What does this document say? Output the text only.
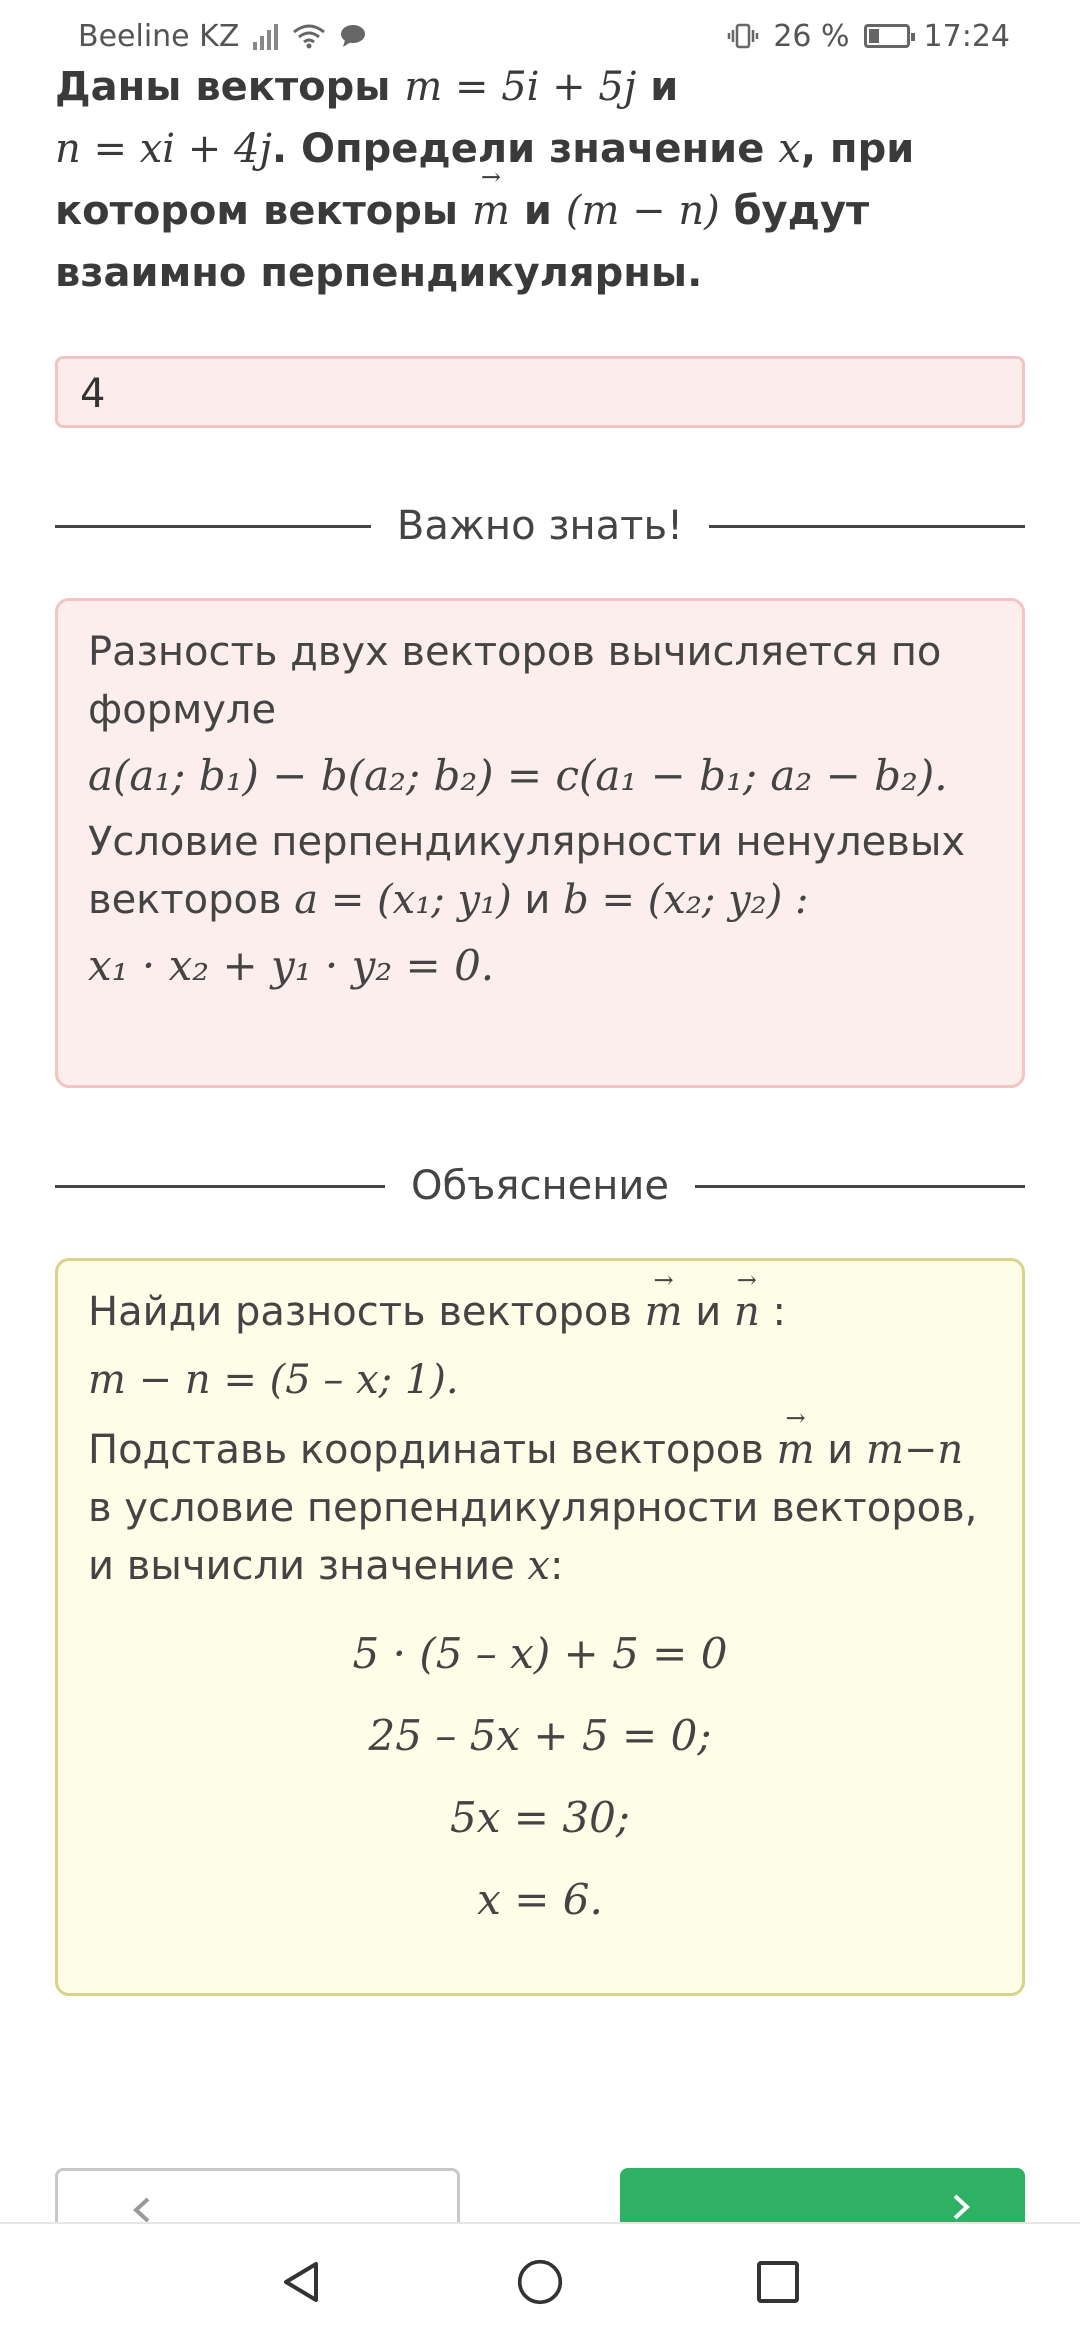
Beeline KZ	26 % 17:24
Даны векторы m = 5i + 5j и
n = xi + 4j. Определи значение x, при котором векторы → m и (m − n) будут взаимно перпендикулярны.
4
Важно знать!

Разность двух векторов вычисляется по формуле

a(a₁; b₁) − b(a₂; b₂) = c(a₁ − b₁; a₂ − b₂).

Условие перпендикулярности ненулевых векторов a = (x₁; y₁) и b = (x₂; y₂) :

x₁ · x₂ + y₁ · y₂ = 0.

Объяснение

Найди разность векторов → m и → n :

m − n = (5 – x; 1).

Подставь координаты векторов → m и m−n в условие перпендикулярности векторов, и вычисли значение x:

5 · (5 – x) + 5 = 0
25 – 5x + 5 = 0;
5x = 30;
x = 6.
